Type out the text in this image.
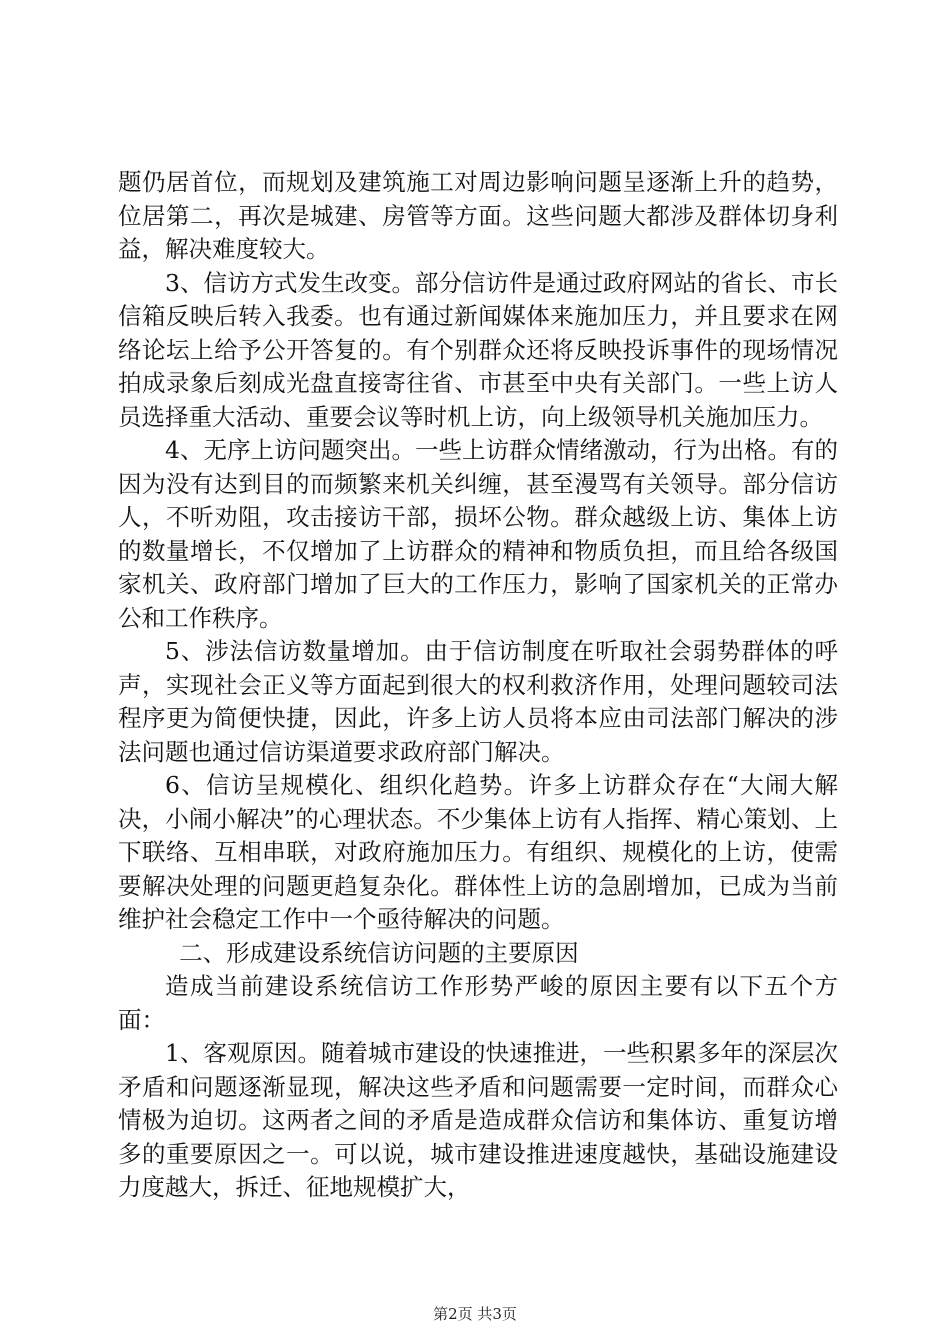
题仍居首位，而规划及建筑施工对周边影响问题呈逐渐上升的趋势，位居第二，再次是城建、房管等方面。这些问题大都涉及群体切身利益，解决难度较大。

3、信访方式发生改变。部分信访件是通过政府网站的省长、市长信箱反映后转入我委。也有通过新闻媒体来施加压力，并且要求在网络论坛上给予公开答复的。有个别群众还将反映投诉事件的现场情况拍成录象后刻成光盘直接寄往省、市甚至中央有关部门。一些上访人员选择重大活动、重要会议等时机上访，向上级领导机关施加压力。

4、无序上访问题突出。一些上访群众情绪激动，行为出格。有的因为没有达到目的而频繁来机关纠缠，甚至漫骂有关领导。部分信访人，不听劝阻，攻击接访干部，损坏公物。群众越级上访、集体上访的数量增长，不仅增加了上访群众的精神和物质负担，而且给各级国家机关、政府部门增加了巨大的工作压力，影响了国家机关的正常办公和工作秩序。

5、涉法信访数量增加。由于信访制度在听取社会弱势群体的呼声，实现社会正义等方面起到很大的权利救济作用，处理问题较司法程序更为简便快捷，因此，许多上访人员将本应由司法部门解决的涉法问题也通过信访渠道要求政府部门解决。

6、信访呈规模化、组织化趋势。许多上访群众存在“大闹大解决，小闹小解决”的心理状态。不少集体上访有人指挥、精心策划、上下联络、互相串联，对政府施加压力。有组织、规模化的上访，使需要解决处理的问题更趋复杂化。群体性上访的急剧增加，已成为当前维护社会稳定工作中一个亟待解决的问题。

二、形成建设系统信访问题的主要原因

造成当前建设系统信访工作形势严峻的原因主要有以下五个方面：

1、客观原因。随着城市建设的快速推进，一些积累多年的深层次矛盾和问题逐渐显现，解决这些矛盾和问题需要一定时间，而群众心情极为迫切。这两者之间的矛盾是造成群众信访和集体访、重复访增多的重要原因之一。可以说，城市建设推进速度越快，基础设施建设力度越大，拆迁、征地规模扩大，

第2页 共3页
